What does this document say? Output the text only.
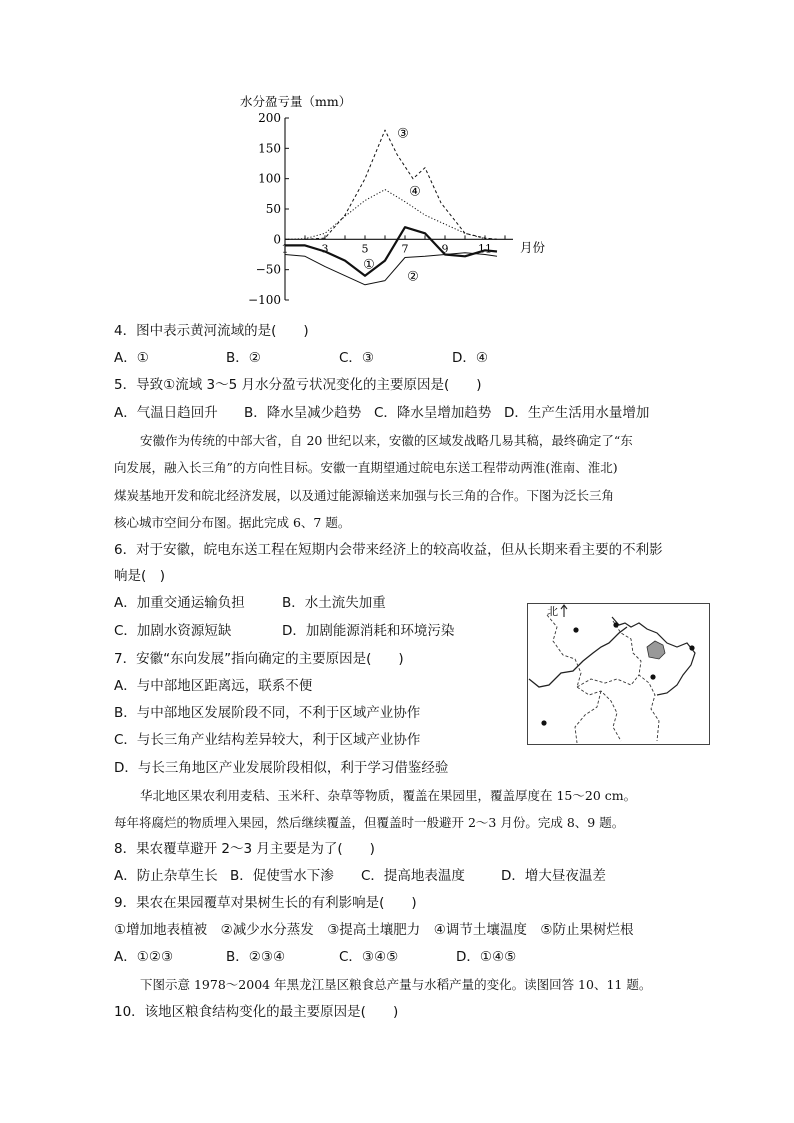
水分盈亏量（mm）
200
150
100
50
0
−50
−100
1	3	5	7	9	11
③
④
①
②
月份
4．图中表示黄河流域的是(　　)
A．①	B．②	C．③	D．④
5．导致①流域 3～5 月水分盈亏状况变化的主要原因是(　　)
A．气温日趋回升 B．降水呈减少趋势 C．降水呈增加趋势 D．生产生活用水量增加
安徽作为传统的中部大省，自 20 世纪以来，安徽的区域发战略几易其稿，最终确定了“东
向发展，融入长三角”的方向性目标。安徽一直期望通过皖电东送工程带动两淮(淮南、淮北)
煤炭基地开发和皖北经济发展，以及通过能源输送来加强与长三角的合作。下图为泛长三角
核心城市空间分布图。据此完成 6、7 题。
6．对于安徽，皖电东送工程在短期内会带来经济上的较高收益，但从长期来看主要的不利影
响是(　)
A．加重交通运输负担	B．水土流失加重
C．加剧水资源短缺	D．加剧能源消耗和环境污染
北
7．安徽“东向发展”指向确定的主要原因是(　　)
A．与中部地区距离远，联系不便
B．与中部地区发展阶段不同，不利于区域产业协作
C．与长三角产业结构差异较大，利于区域产业协作
D．与长三角地区产业发展阶段相似，利于学习借鉴经验
华北地区果农利用麦秸、玉米秆、杂草等物质，覆盖在果园里，覆盖厚度在 15～20 cm。
每年将腐烂的物质埋入果园，然后继续覆盖，但覆盖时一般避开 2～3 月份。完成 8、9 题。
8．果农覆草避开 2～3 月主要是为了(　　)
A．防止杂草生长 B．促使雪水下渗 C．提高地表温度	D．增大昼夜温差
9．果农在果园覆草对果树生长的有利影响是(　　)
①增加地表植被　②减少水分蒸发　③提高土壤肥力　④调节土壤温度　⑤防止果树烂根
A．①②③	B．②③④	C．③④⑤	D．①④⑤
下图示意 1978～2004 年黑龙江垦区粮食总产量与水稻产量的变化。读图回答 10、11 题。
10．该地区粮食结构变化的最主要原因是(　　)
